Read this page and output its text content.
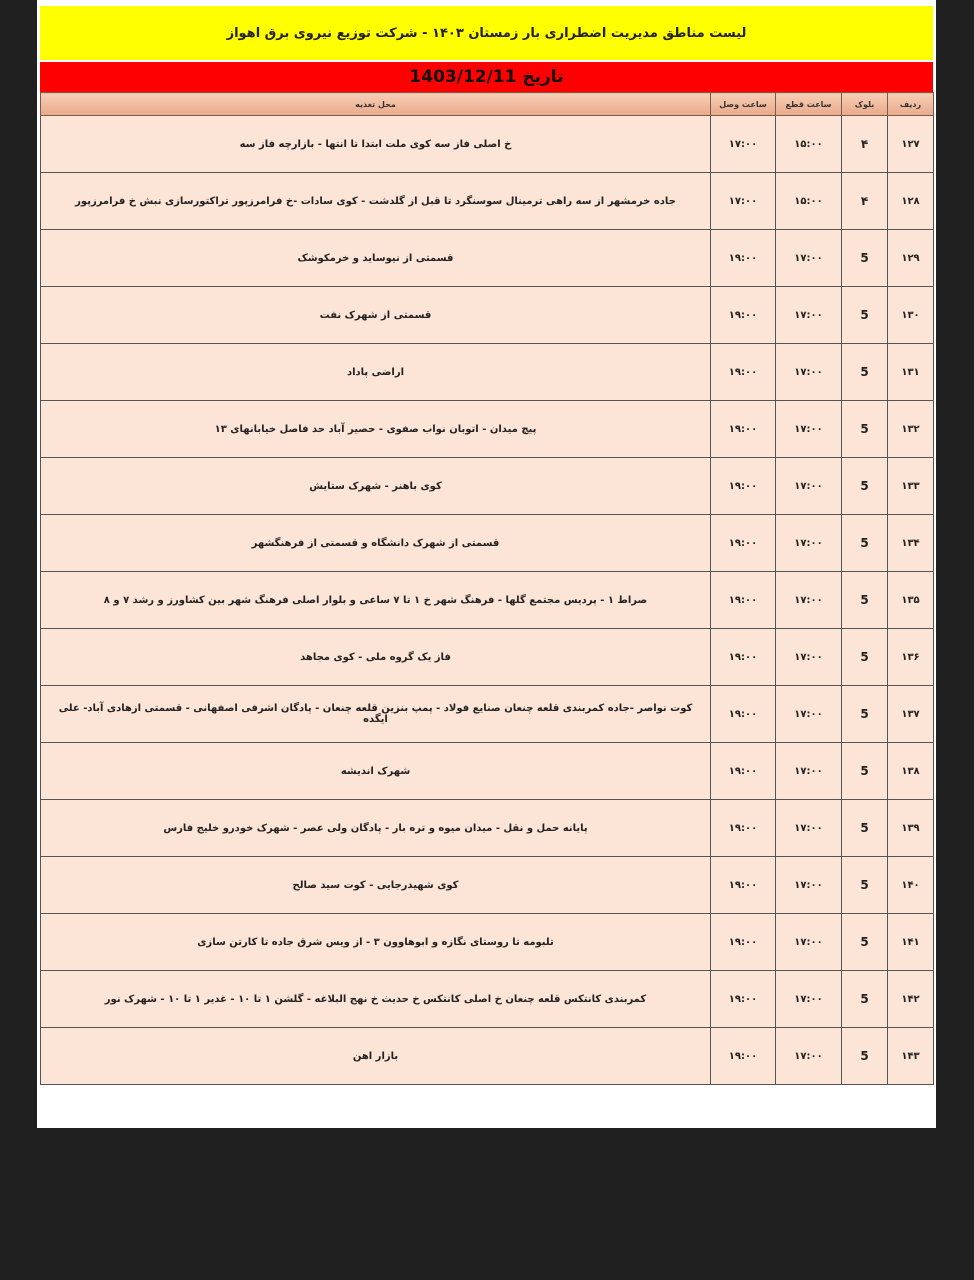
لیست مناطق مدیریت اضطراری بار زمستان ۱۴۰۳ - شرکت توزیع نیروی برق اهواز
تاریخ 1403/12/11
ردیف	بلوک	ساعت قطع	ساعت وصل	محل تغذیه
۱۲۷	۴	۱۵:۰۰	۱۷:۰۰	خ اصلی فاز سه کوی ملت ابتدا تا انتها - بازارچه فاز سه
۱۲۸	۴	۱۵:۰۰	۱۷:۰۰	جاده خرمشهر از سه راهی ترمینال سوسنگرد تا قبل از گلدشت - کوی سادات -خ فرامرزپور تراکتورسازی نبش خ فرامرزپور
۱۲۹	5	۱۷:۰۰	۱۹:۰۰	قسمتی از نیوساید و خرمکوشک
۱۳۰	5	۱۷:۰۰	۱۹:۰۰	قسمتی از شهرک نفت
۱۳۱	5	۱۷:۰۰	۱۹:۰۰	اراضی پاداد
۱۳۲	5	۱۷:۰۰	۱۹:۰۰	پیچ میدان - اتوبان نواب صفوی - حصیر آباد حد فاصل خیابانهای ۱۳
۱۳۳	5	۱۷:۰۰	۱۹:۰۰	کوی باهنر - شهرک ستایش
۱۳۴	5	۱۷:۰۰	۱۹:۰۰	قسمتی از شهرک دانشگاه و قسمتی از فرهنگشهر
۱۳۵	5	۱۷:۰۰	۱۹:۰۰	صراط ۱ - پردیس مجتمع گلها - فرهنگ شهر خ ۱ تا ۷ ساعی و بلوار اصلی فرهنگ شهر بین کشاورز و رشد ۷ و ۸
۱۳۶	5	۱۷:۰۰	۱۹:۰۰	فاز یک گروه ملی - کوی مجاهد
۱۳۷	5	۱۷:۰۰	۱۹:۰۰	کوت نواصر -جاده کمربندی قلعه چنعان صنایع فولاد - پمپ بنزین قلعه چنعان - پادگان اشرفی اصفهانی - قسمتی ازهادی آباد- علی ایگده
۱۳۸	5	۱۷:۰۰	۱۹:۰۰	شهرک اندیشه
۱۳۹	5	۱۷:۰۰	۱۹:۰۰	پایانه حمل و نقل - میدان میوه و تره بار - پادگان ولی عصر - شهرک خودرو خلیج فارس
۱۴۰	5	۱۷:۰۰	۱۹:۰۰	کوی شهیدرجایی - کوت سید صالح
۱۴۱	5	۱۷:۰۰	۱۹:۰۰	تلبومه تا روستای نگازه و ابوهاوون ۳ - از ویس شرق جاده تا کارتن سازی
۱۴۲	5	۱۷:۰۰	۱۹:۰۰	کمربندی کانتکس قلعه چنعان خ اصلی کانتکس خ حدیث خ نهج البلاغه - گلشن ۱ تا ۱۰ - غدیر ۱ تا ۱۰ - شهرک نور
۱۴۳	5	۱۷:۰۰	۱۹:۰۰	بازار اهن
